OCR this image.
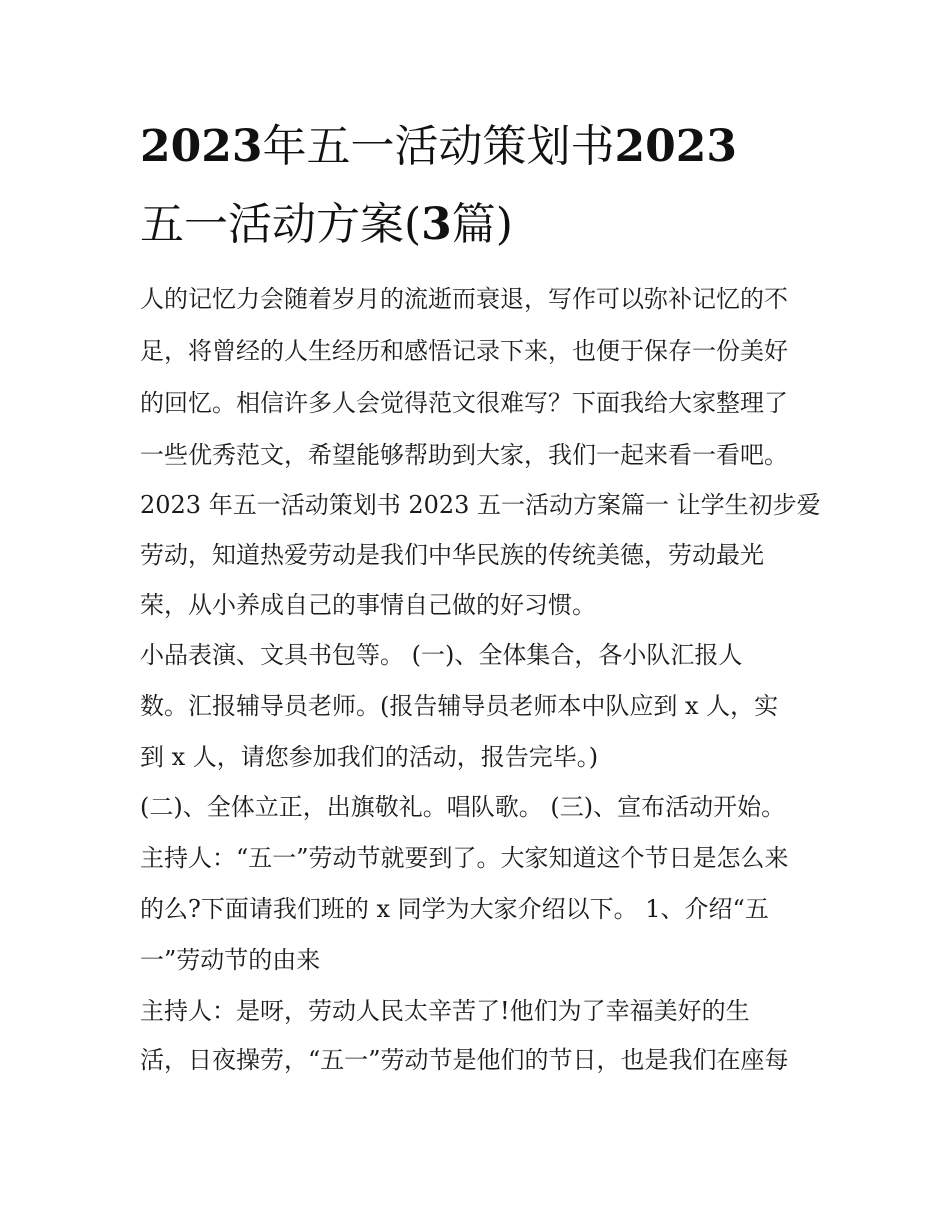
2023年五一活动策划书2023
五一活动方案(3篇)
人的记忆力会随着岁月的流逝而衰退，写作可以弥补记忆的不
足，将曾经的人生经历和感悟记录下来，也便于保存一份美好
的回忆。相信许多人会觉得范文很难写？下面我给大家整理了
一些优秀范文，希望能够帮助到大家，我们一起来看一看吧。
2023 年五一活动策划书 2023 五一活动方案篇一 让学生初步爱
劳动，知道热爱劳动是我们中华民族的传统美德，劳动最光
荣，从小养成自己的事情自己做的好习惯。
小品表演、文具书包等。 (一)、全体集合，各小队汇报人
数。汇报辅导员老师。(报告辅导员老师本中队应到 x 人，实
到 x 人，请您参加我们的活动，报告完毕。)
(二)、全体立正，出旗敬礼。唱队歌。 (三)、宣布活动开始。
主持人：“五一”劳动节就要到了。大家知道这个节日是怎么来
的么?下面请我们班的 x 同学为大家介绍以下。 1、介绍“五
一”劳动节的由来
主持人：是呀，劳动人民太辛苦了!他们为了幸福美好的生
活，日夜操劳，“五一”劳动节是他们的节日，也是我们在座每
